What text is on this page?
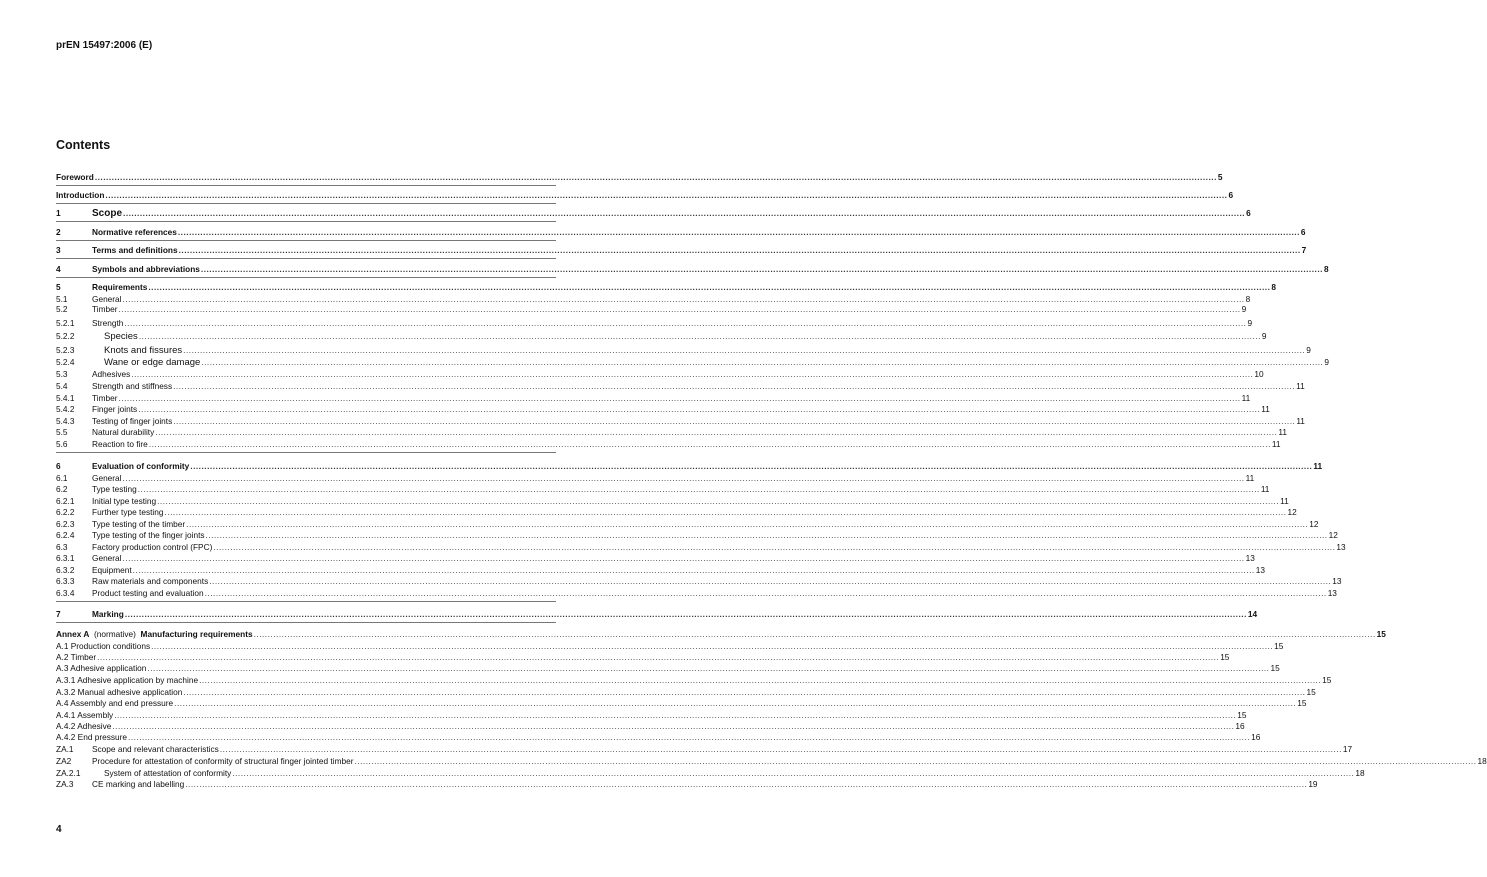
prEN 15497:2006 (E)
Contents
Foreword ................................................................................................................................................................................................................................................................................................................................................................................................................ 5
Introduction ................................................................................................................................................................................................................................................................................................................................................................................................................ 6
1	Scope ................................................................................................................................................................................................................................................................................................................................................................................................................ 6
2	Normative references ................................................................................................................................................................................................................................................................................................................................................................................................................ 6
3	Terms and definitions ................................................................................................................................................................................................................................................................................................................................................................................................................ 7
4	Symbols and abbreviations ................................................................................................................................................................................................................................................................................................................................................................................................................ 8
5	Requirements ................................................................................................................................................................................................................................................................................................................................................................................................................ 8
5.1	General ................................................................................................................................................................................................................................................................................................................................................................................................................ 8
5.2	Timber ................................................................................................................................................................................................................................................................................................................................................................................................................ 9
5.2.1	Strength ................................................................................................................................................................................................................................................................................................................................................................................................................ 9
5.2.2	Species ................................................................................................................................................................................................................................................................................................................................................................................................................ 9
5.2.3	Knots and fissures ................................................................................................................................................................................................................................................................................................................................................................................................................ 9
5.2.4	Wane or edge damage ................................................................................................................................................................................................................................................................................................................................................................................................................ 9
5.3	Adhesives ................................................................................................................................................................................................................................................................................................................................................................................................................ 10
5.4	Strength and stiffness ................................................................................................................................................................................................................................................................................................................................................................................................................ 11
5.4.1	Timber ................................................................................................................................................................................................................................................................................................................................................................................................................ 11
5.4.2	Finger joints ................................................................................................................................................................................................................................................................................................................................................................................................................ 11
5.4.3	Testing of finger joints ................................................................................................................................................................................................................................................................................................................................................................................................................ 11
5.5	Natural durability ................................................................................................................................................................................................................................................................................................................................................................................................................ 11
5.6	Reaction to fire ................................................................................................................................................................................................................................................................................................................................................................................................................ 11
6	Evaluation of conformity ................................................................................................................................................................................................................................................................................................................................................................................................................ 11
6.1	General ................................................................................................................................................................................................................................................................................................................................................................................................................ 11
6.2	Type testing ................................................................................................................................................................................................................................................................................................................................................................................................................ 11
6.2.1	Initial type testing ................................................................................................................................................................................................................................................................................................................................................................................................................ 11
6.2.2	Further type testing ................................................................................................................................................................................................................................................................................................................................................................................................................ 12
6.2.3	Type testing of the timber ................................................................................................................................................................................................................................................................................................................................................................................................................ 12
6.2.4	Type testing of the finger joints ................................................................................................................................................................................................................................................................................................................................................................................................................ 12
6.3	Factory production control (FPC) ................................................................................................................................................................................................................................................................................................................................................................................................................ 13
6.3.1	General ................................................................................................................................................................................................................................................................................................................................................................................................................ 13
6.3.2	Equipment ................................................................................................................................................................................................................................................................................................................................................................................................................ 13
6.3.3	Raw materials and components ................................................................................................................................................................................................................................................................................................................................................................................................................ 13
6.3.4	Product testing and evaluation ................................................................................................................................................................................................................................................................................................................................................................................................................ 13
7	Marking ................................................................................................................................................................................................................................................................................................................................................................................................................ 14
Annex A  (normative)  Manufacturing requirements ................................................................................................................................................................................................................................................................................................................................................................................................................ 15
A.1 Production conditions ................................................................................................................................................................................................................................................................................................................................................................................................................ 15
A.2 Timber ................................................................................................................................................................................................................................................................................................................................................................................................................ 15
A.3 Adhesive application ................................................................................................................................................................................................................................................................................................................................................................................................................ 15
A.3.1 Adhesive application by machine ................................................................................................................................................................................................................................................................................................................................................................................................................ 15
A.3.2 Manual adhesive application ................................................................................................................................................................................................................................................................................................................................................................................................................ 15
A.4 Assembly and end pressure ................................................................................................................................................................................................................................................................................................................................................................................................................ 15
A.4.1 Assembly ................................................................................................................................................................................................................................................................................................................................................................................................................ 15
A.4.2 Adhesive ................................................................................................................................................................................................................................................................................................................................................................................................................ 16
A.4.2 End pressure ................................................................................................................................................................................................................................................................................................................................................................................................................ 16
ZA.1	Scope and relevant characteristics ................................................................................................................................................................................................................................................................................................................................................................................................................ 17
ZA2	Procedure for attestation of conformity of structural finger jointed timber ................................................................................................................................................................................................................................................................................................................................................................................................................ 18
ZA.2.1	System of attestation of conformity ................................................................................................................................................................................................................................................................................................................................................................................................................ 18
ZA.3	CE marking and labelling ................................................................................................................................................................................................................................................................................................................................................................................................................ 19
4
